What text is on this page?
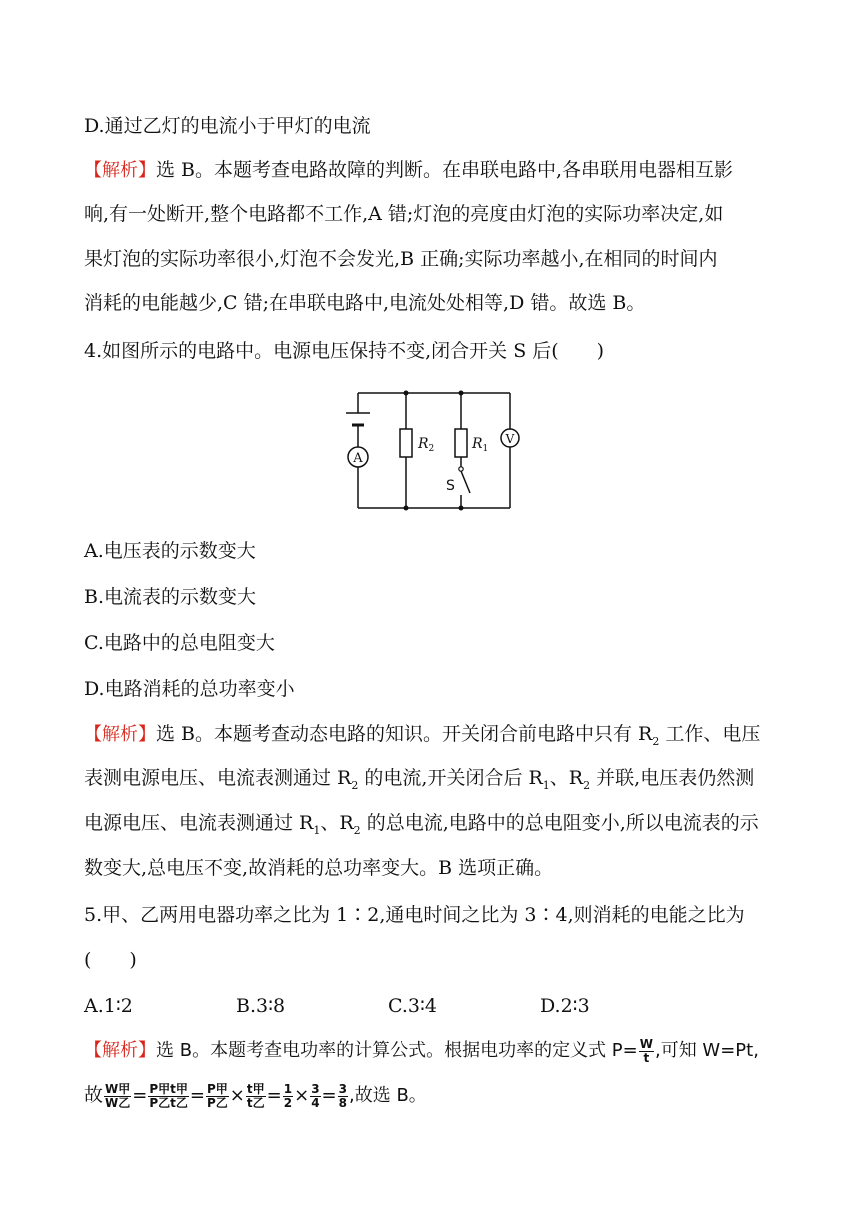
D.通过乙灯的电流小于甲灯的电流
【解析】选 B。本题考查电路故障的判断。在串联电路中,各串联用电器相互影
响,有一处断开,整个电路都不工作,A 错;灯泡的亮度由灯泡的实际功率决定,如
果灯泡的实际功率很小,灯泡不会发光,B 正确;实际功率越小,在相同的时间内
消耗的电能越少,C 错;在串联电路中,电流处处相等,D 错。故选 B。
4.如图所示的电路中。电源电压保持不变,闭合开关 S 后(　　)
A
$R_2$	$R_1$
S
V
A.电压表的示数变大
B.电流表的示数变大
C.电路中的总电阻变大
D.电路消耗的总功率变小
【解析】选 B。本题考查动态电路的知识。开关闭合前电路中只有 $R_2$ 工作、电压
表测电源电压、电流表测通过 $R_2$ 的电流,开关闭合后 $R_1$、$R_2$ 并联,电压表仍然测
电源电压、电流表测通过 $R_1$、$R_2$ 的总电流,电路中的总电阻变小,所以电流表的示
数变大,总电压不变,故消耗的总功率变大。B 选项正确。
5.甲、乙两用电器功率之比为 1∶2,通电时间之比为 3∶4,则消耗的电能之比为
(　　)
A.1∶2	B.3∶8	C.3∶4	D.2∶3
【解析】选 B。本题考查电功率的计算公式。根据电功率的定义式 $P= \frac{W}{t}$ ,可知 W=Pt,
故 $\frac{\text{W甲}}{\text{W乙}} = \frac{\text{P甲t甲}}{\text{P乙t乙}} = \frac{\text{P甲}}{\text{P乙}} \times \frac{\text{t甲}}{\text{t乙}} = \frac{1}{2} \times \frac{3}{4} = \frac{3}{8}$ ,故选 B。
